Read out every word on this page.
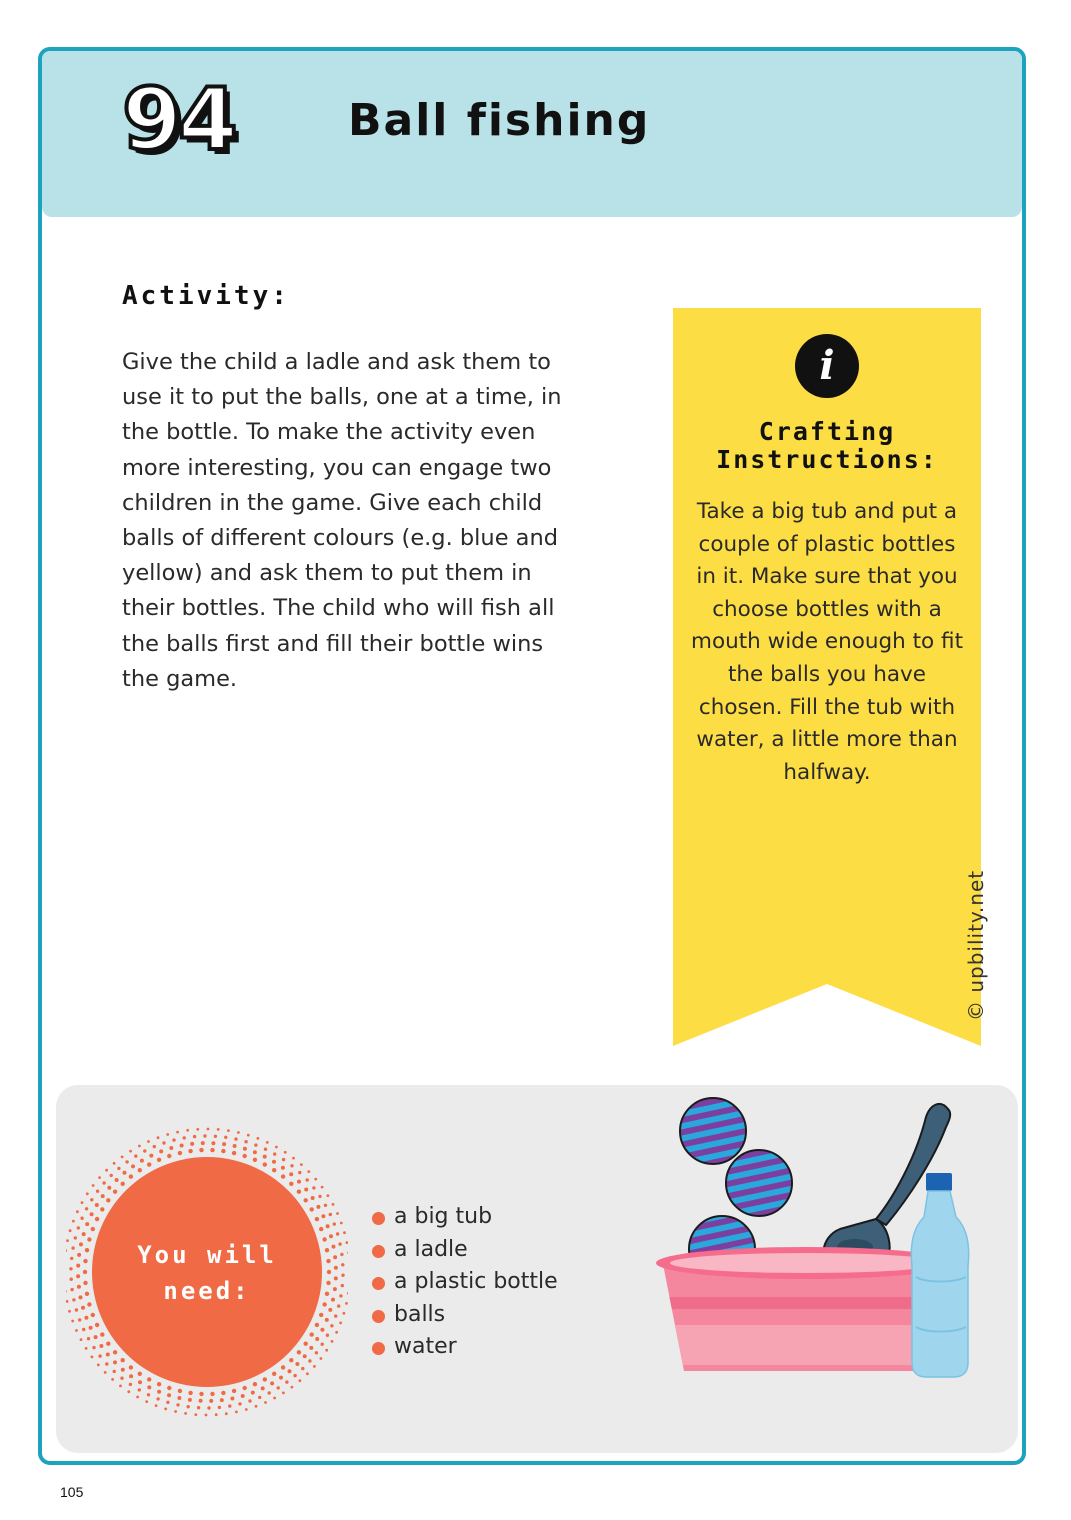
94	Ball fishing
Activity:
Give the child a ladle and ask them to use it to put the balls, one at a time, in the bottle. To make the activity even more interesting, you can engage two children in the game. Give each child balls of different colours (e.g. blue and yellow) and ask them to put them in their bottles. The child who will fish all the balls first and fill their bottle wins the game.
i
Crafting
Instructions:
Take a big tub and put a couple of plastic bottles in it. Make sure that you choose bottles with a mouth wide enough to fit the balls you have chosen. Fill the tub with water, a little more than halfway.
© upbility.net
You will
need:
a big tub
a ladle
a plastic bottle
balls
water
105
